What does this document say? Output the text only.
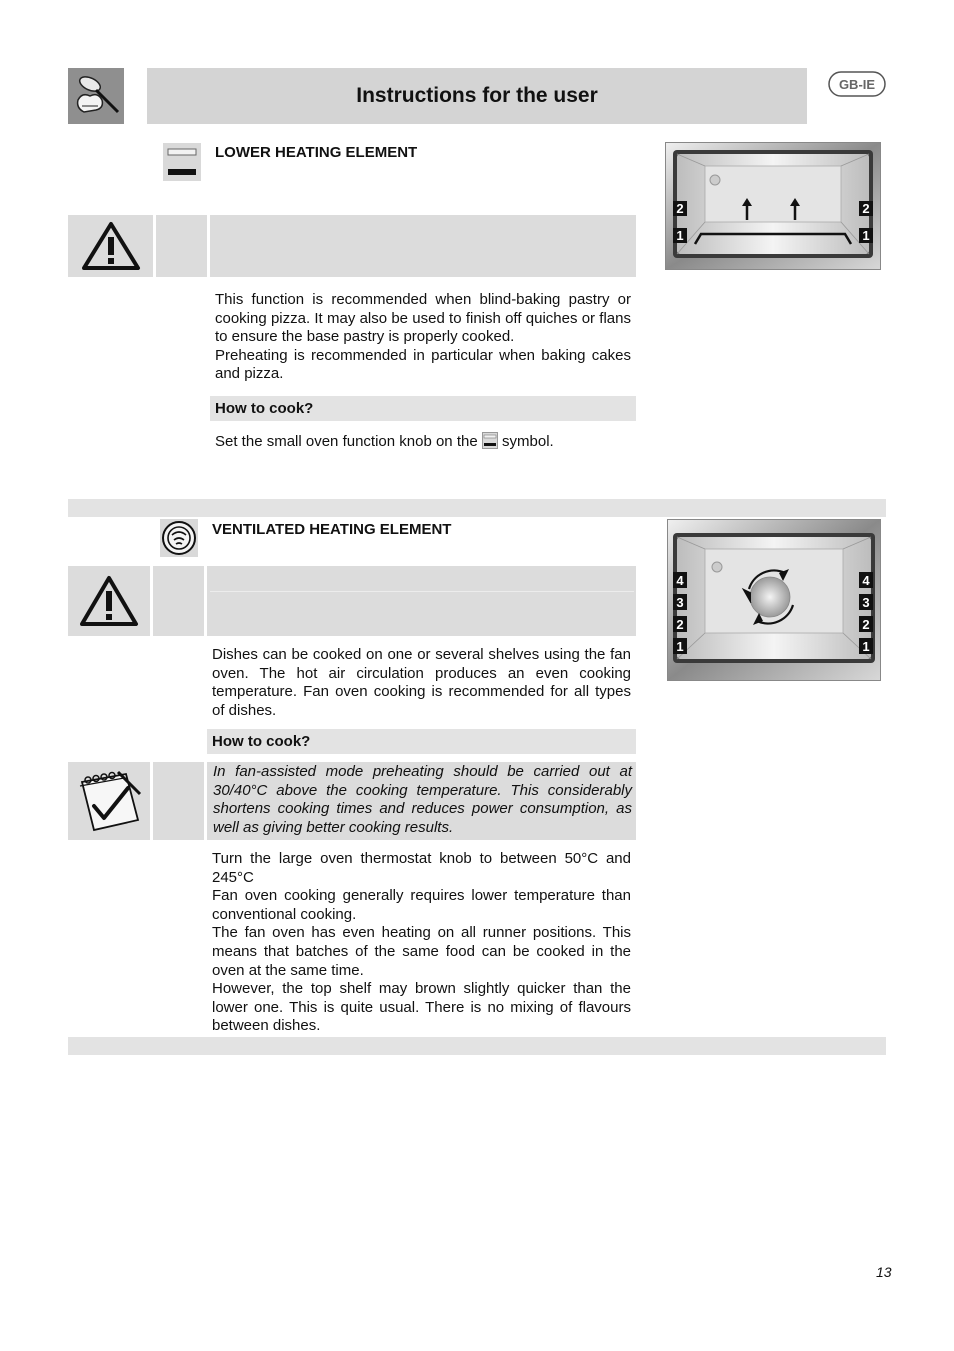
Instructions for the user	GB-IE
LOWER HEATING ELEMENT
2
1
2
1

This function is recommended when blind-baking pastry or cooking pizza. It may also be used to finish off quiches or flans to ensure the base pastry is properly cooked.

Preheating is recommended in particular when baking cakes and pizza.

How to cook?
Set the small oven function knob on the symbol.
VENTILATED HEATING ELEMENT
4
3
2
1
4
3
2
1

Dishes can be cooked on one or several shelves using the fan oven. The hot air circulation produces an even cooking temperature. Fan oven cooking is recommended for all types of dishes.

How to cook?
In fan-assisted mode preheating should be carried out at 30/40°C above the cooking temperature. This considerably shortens cooking times and reduces power consumption, as well as giving better cooking results.

Turn the large oven thermostat knob to between 50°C and 245°C

Fan oven cooking generally requires lower temperature than conventional cooking.

The fan oven has even heating on all runner positions. This means that batches of the same food can be cooked in the oven at the same time.

However, the top shelf may brown slightly quicker than the lower one. This is quite usual. There is no mixing of flavours between dishes.

13
